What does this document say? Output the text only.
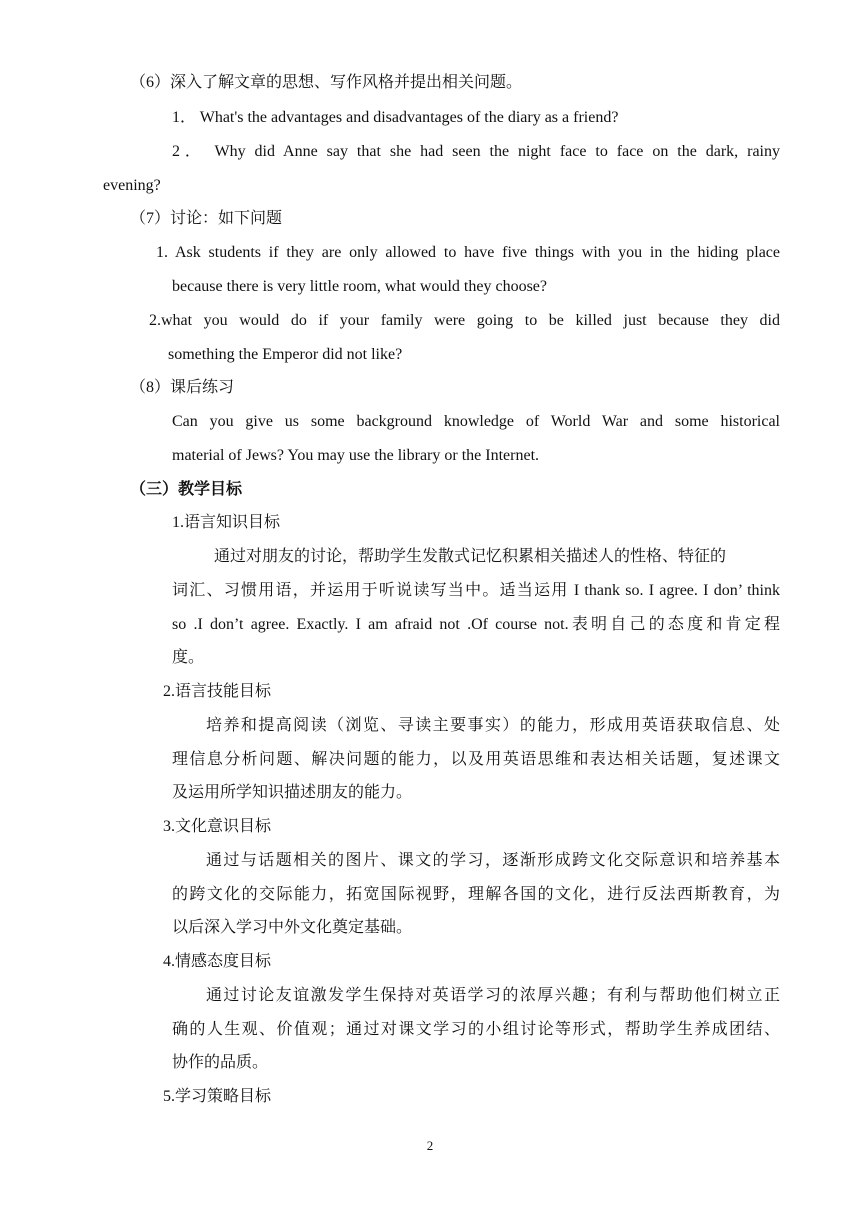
（6）深入了解文章的思想、写作风格并提出相关问题。
1． What's the advantages and disadvantages of the diary as a friend?
2． Why did Anne say that she had seen the night face to face on the dark, rainy
evening?
（7）讨论：如下问题
1. Ask students if they are only allowed to have five things with you in the hiding place
because there is very little room, what would they choose?
2.what you would do if your family were going to be killed just because they did
something the Emperor did not like?
（8）课后练习
Can you give us some background knowledge of World War and some historical
material of Jews? You may use the library or the Internet.
（三）教学目标
1.语言知识目标
通过对朋友的讨论，帮助学生发散式记忆积累相关描述人的性格、特征的
词汇、习惯用语，并运用于听说读写当中。适当运用 I thank so. I agree. I don’ think
so .I don’t agree. Exactly. I am afraid not .Of course not.表明自己的态度和肯定程
度。
2.语言技能目标
培养和提高阅读（浏览、寻读主要事实）的能力，形成用英语获取信息、处
理信息分析问题、解决问题的能力，以及用英语思维和表达相关话题，复述课文
及运用所学知识描述朋友的能力。
3.文化意识目标
通过与话题相关的图片、课文的学习，逐渐形成跨文化交际意识和培养基本
的跨文化的交际能力，拓宽国际视野，理解各国的文化，进行反法西斯教育，为
以后深入学习中外文化奠定基础。
4.情感态度目标
通过讨论友谊激发学生保持对英语学习的浓厚兴趣；有利与帮助他们树立正
确的人生观、价值观；通过对课文学习的小组讨论等形式，帮助学生养成团结、
协作的品质。
5.学习策略目标
2
